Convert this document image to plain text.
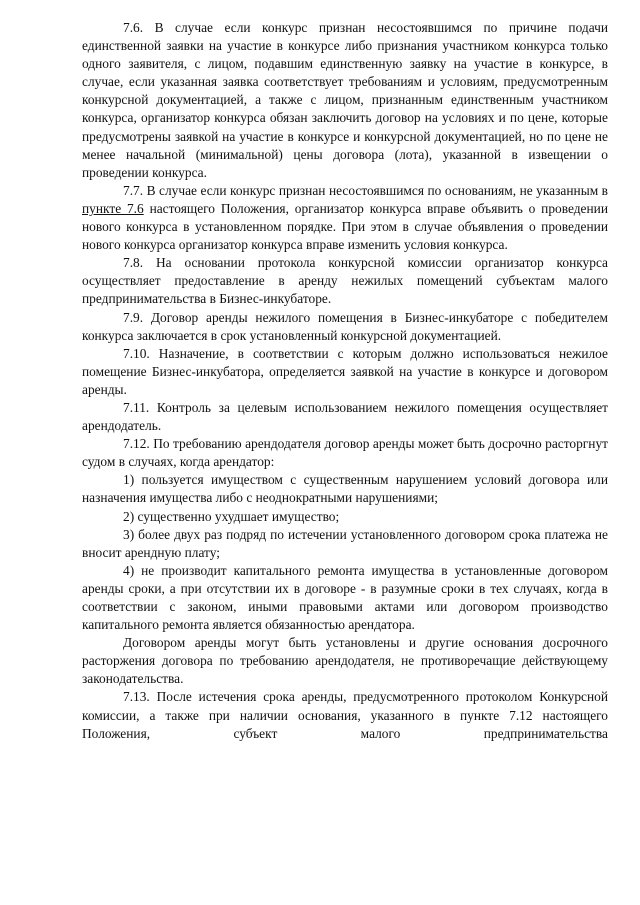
7.6. В случае если конкурс признан несостоявшимся по причине подачи единственной заявки на участие в конкурсе либо признания участником конкурса только одного заявителя, с лицом, подавшим единственную заявку на участие в конкурсе, в случае, если указанная заявка соответствует требованиям и условиям, предусмотренным конкурсной документацией, а также с лицом, признанным единственным участником конкурса, организатор конкурса обязан заключить договор на условиях и по цене, которые предусмотрены заявкой на участие в конкурсе и конкурсной документацией, но по цене не менее начальной (минимальной) цены договора (лота), указанной в извещении о проведении конкурса.

7.7. В случае если конкурс признан несостоявшимся по основаниям, не указанным в пункте 7.6 настоящего Положения, организатор конкурса вправе объявить о проведении нового конкурса в установленном порядке. При этом в случае объявления о проведении нового конкурса организатор конкурса вправе изменить условия конкурса.

7.8. На основании протокола конкурсной комиссии организатор конкурса осуществляет предоставление в аренду нежилых помещений субъектам малого предпринимательства в Бизнес-инкубаторе.

7.9. Договор аренды нежилого помещения в Бизнес-инкубаторе с победителем конкурса заключается в срок установленный конкурсной документацией.

7.10. Назначение, в соответствии с которым должно использоваться нежилое помещение Бизнес-инкубатора, определяется заявкой на участие в конкурсе и договором аренды.

7.11. Контроль за целевым использованием нежилого помещения осуществляет арендодатель.

7.12. По требованию арендодателя договор аренды может быть досрочно расторгнут судом в случаях, когда арендатор:

1) пользуется имуществом с существенным нарушением условий договора или назначения имущества либо с неоднократными нарушениями;

2) существенно ухудшает имущество;

3) более двух раз подряд по истечении установленного договором срока платежа не вносит арендную плату;

4) не производит капитального ремонта имущества в установленные договором аренды сроки, а при отсутствии их в договоре - в разумные сроки в тех случаях, когда в соответствии с законом, иными правовыми актами или договором производство капитального ремонта является обязанностью арендатора.

Договором аренды могут быть установлены и другие основания досрочного расторжения договора по требованию арендодателя, не противоречащие действующему законодательства.

7.13. После истечения срока аренды, предусмотренного протоколом Конкурсной комиссии, а также при наличии основания, указанного в пункте 7.12 настоящего Положения, субъект малого предпринимательства
